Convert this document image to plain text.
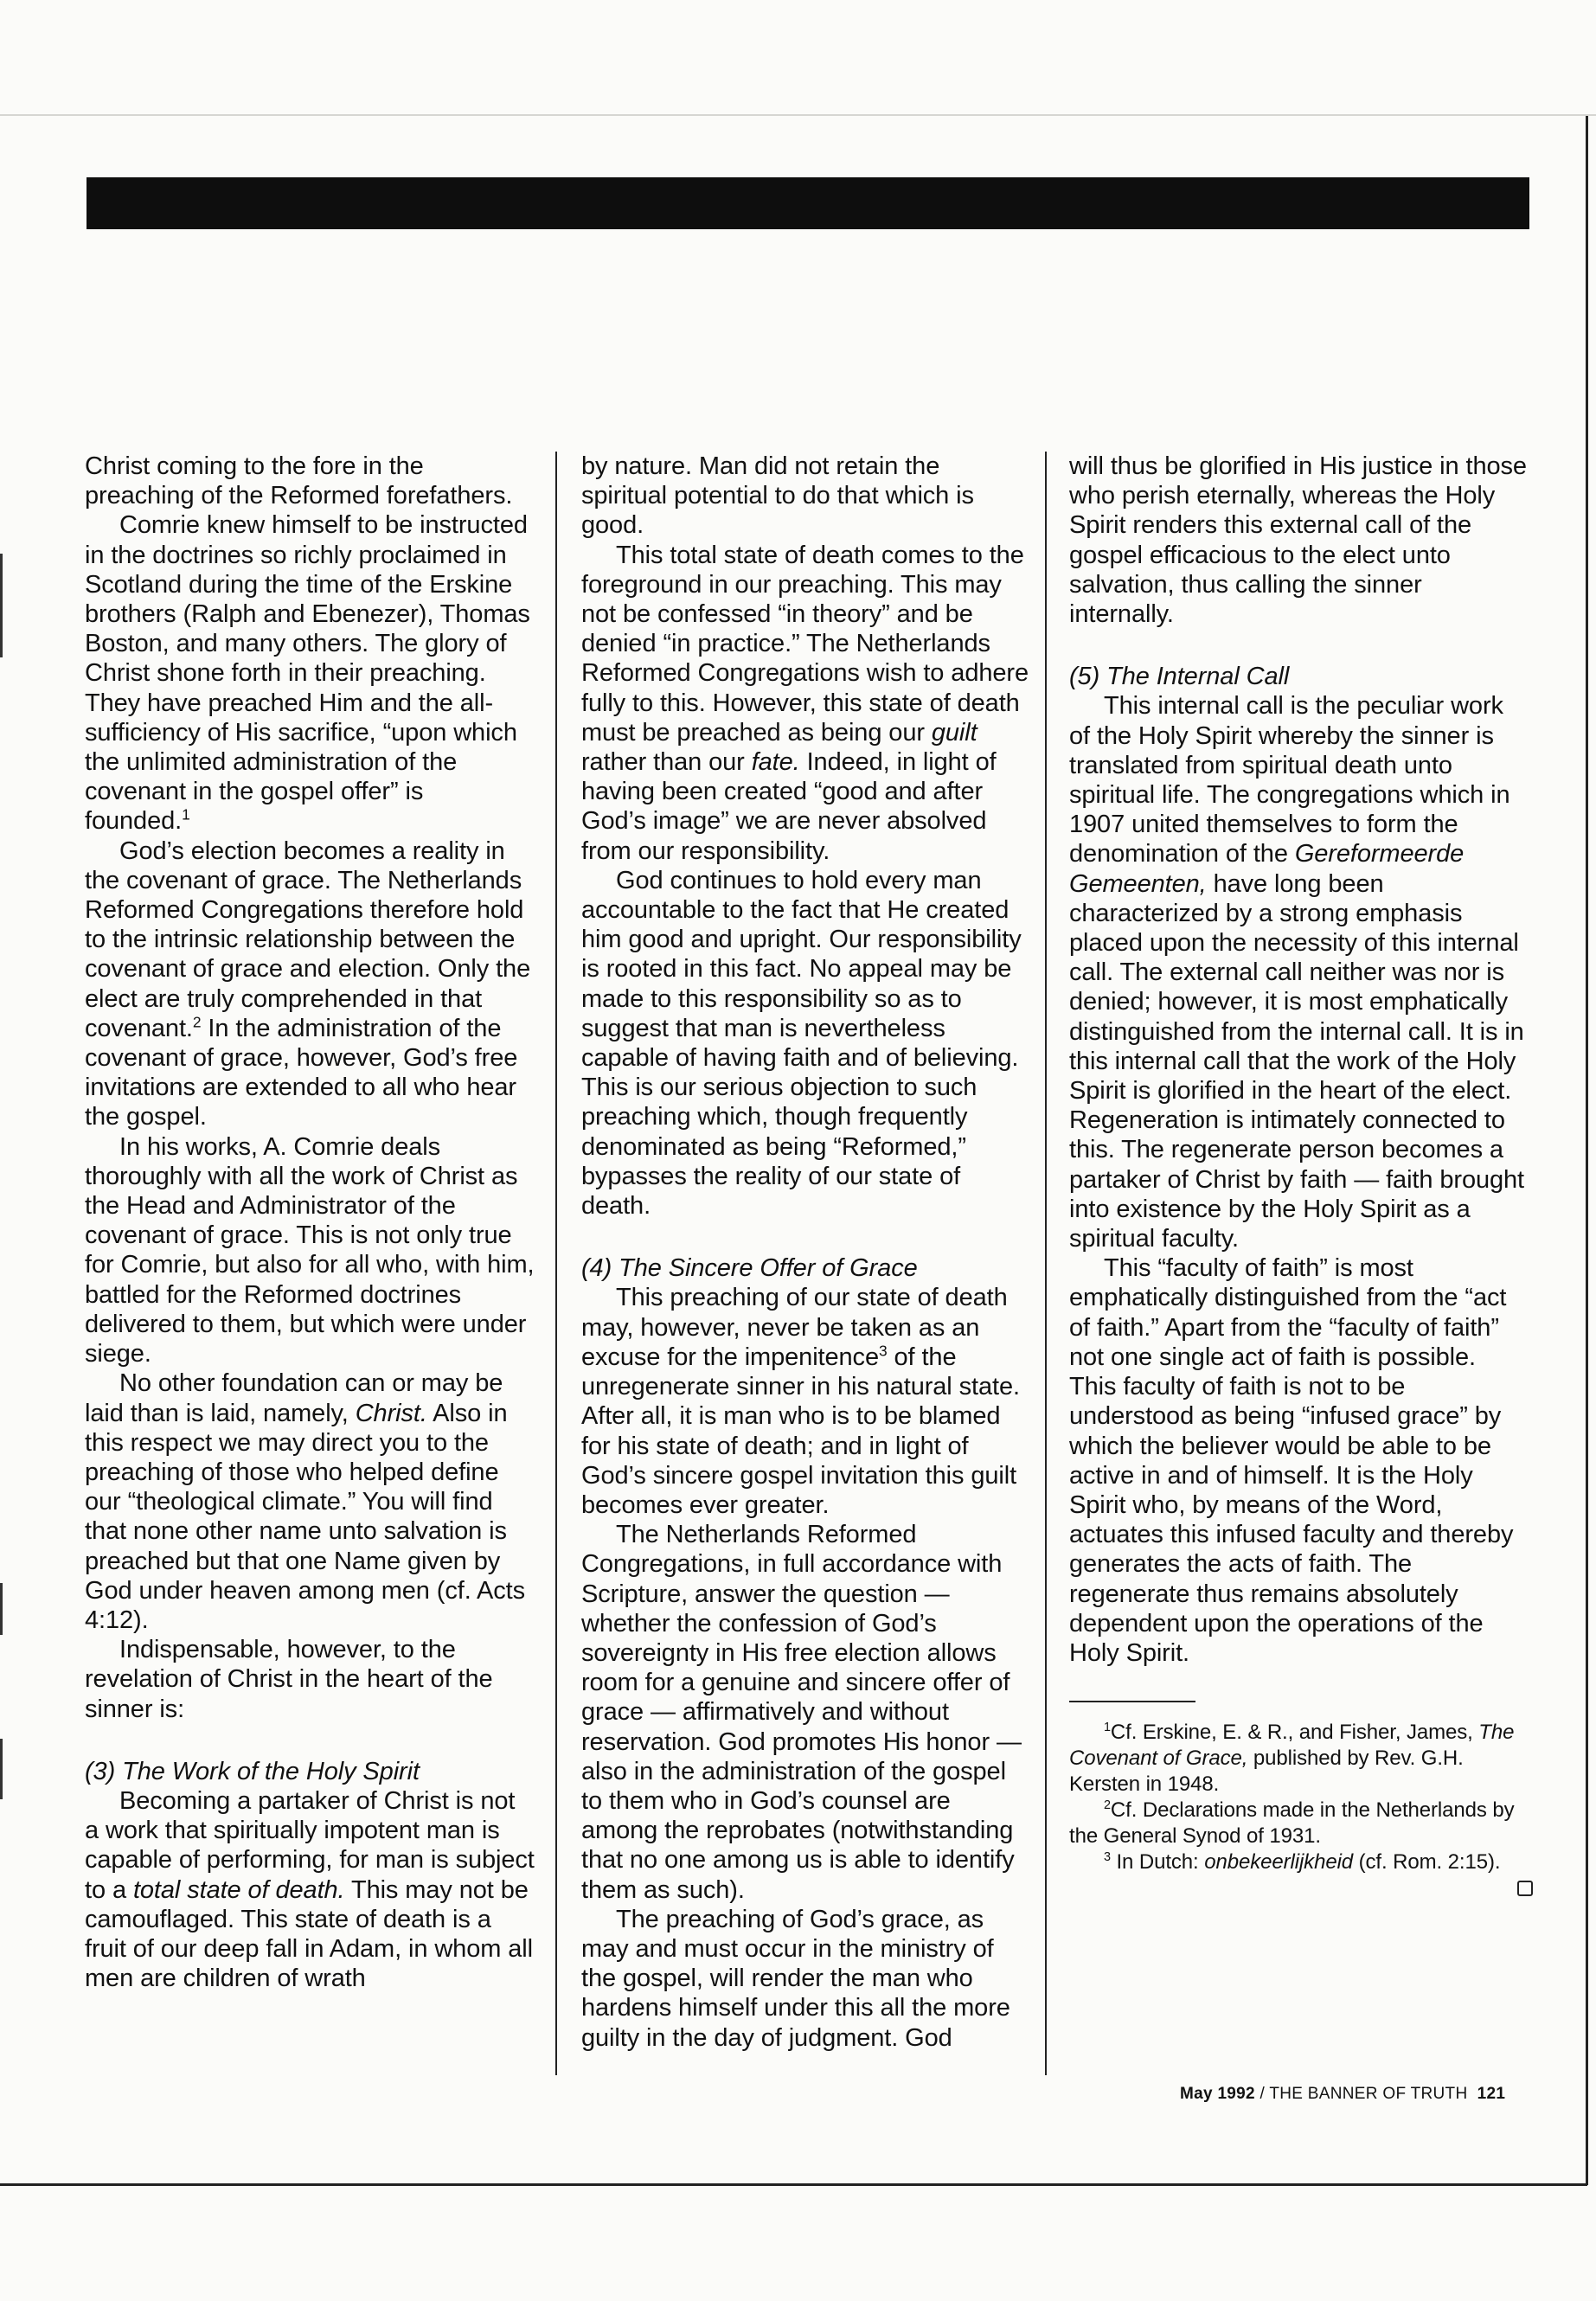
Christ coming to the fore in the preaching of the Reformed forefathers.

Comrie knew himself to be instructed in the doctrines so richly proclaimed in Scotland during the time of the Erskine brothers (Ralph and Ebenezer), Thomas Boston, and many others. The glory of Christ shone forth in their preaching. They have preached Him and the all-sufficiency of His sacrifice, “upon which the unlimited administration of the covenant in the gospel offer” is founded.$^1$

God’s election becomes a reality in the covenant of grace. The Netherlands Reformed Congregations therefore hold to the intrinsic relationship between the covenant of grace and election. Only the elect are truly comprehended in that covenant.$^2$ In the administration of the covenant of grace, however, God’s free invitations are extended to all who hear the gospel.

In his works, A. Comrie deals thoroughly with all the work of Christ as the Head and Administrator of the covenant of grace. This is not only true for Comrie, but also for all who, with him, battled for the Reformed doctrines delivered to them, but which were under siege.

No other foundation can or may be laid than is laid, namely, Christ. Also in this respect we may direct you to the preaching of those who helped define our “theological climate.” You will find that none other name unto salvation is preached but that one Name given by God under heaven among men (cf. Acts 4:12).

Indispensable, however, to the revelation of Christ in the heart of the sinner is:

(3) The Work of the Holy Spirit

Becoming a partaker of Christ is not a work that spiritually impotent man is capable of performing, for man is subject to a total state of death. This may not be camouflaged. This state of death is a fruit of our deep fall in Adam, in whom all men are children of wrath

by nature. Man did not retain the spiritual potential to do that which is good.

This total state of death comes to the foreground in our preaching. This may not be confessed “in theory” and be denied “in practice.” The Netherlands Reformed Congregations wish to adhere fully to this. However, this state of death must be preached as being our guilt rather than our fate. Indeed, in light of having been created “good and after God’s image” we are never absolved from our responsibility.

God continues to hold every man accountable to the fact that He created him good and upright. Our responsibility is rooted in this fact. No appeal may be made to this responsibility so as to suggest that man is nevertheless capable of having faith and of believing. This is our serious objection to such preaching which, though frequently denominated as being “Reformed,” bypasses the reality of our state of death.

(4) The Sincere Offer of Grace

This preaching of our state of death may, however, never be taken as an excuse for the impenitence$^3$ of the unregenerate sinner in his natural state. After all, it is man who is to be blamed for his state of death; and in light of God’s sincere gospel invitation this guilt becomes ever greater.

The Netherlands Reformed Congregations, in full accordance with Scripture, answer the question — whether the confession of God’s sovereignty in His free election allows room for a genuine and sincere offer of grace — affirmatively and without reservation. God promotes His honor — also in the administration of the gospel to them who in God’s counsel are among the reprobates (notwithstanding that no one among us is able to identify them as such).

The preaching of God’s grace, as may and must occur in the ministry of the gospel, will render the man who hardens himself under this all the more guilty in the day of judgment. God

will thus be glorified in His justice in those who perish eternally, whereas the Holy Spirit renders this external call of the gospel efficacious to the elect unto salvation, thus calling the sinner internally.

(5) The Internal Call

This internal call is the peculiar work of the Holy Spirit whereby the sinner is translated from spiritual death unto spiritual life. The congregations which in 1907 united themselves to form the denomination of the Gereformeerde Gemeenten, have long been characterized by a strong emphasis placed upon the necessity of this internal call. The external call neither was nor is denied; however, it is most emphatically distinguished from the internal call. It is in this internal call that the work of the Holy Spirit is glorified in the heart of the elect. Regeneration is intimately connected to this. The regenerate person becomes a partaker of Christ by faith — faith brought into existence by the Holy Spirit as a spiritual faculty.

This “faculty of faith” is most emphatically distinguished from the “act of faith.” Apart from the “faculty of faith” not one single act of faith is possible. This faculty of faith is not to be understood as being “infused grace” by which the believer would be able to be active in and of himself. It is the Holy Spirit who, by means of the Word, actuates this infused faculty and thereby generates the acts of faith. The regenerate thus remains absolutely dependent upon the operations of the Holy Spirit.

$^1$Cf. Erskine, E. & R., and Fisher, James, The Covenant of Grace, published by Rev. G.H. Kersten in 1948.

$^2$Cf. Declarations made in the Netherlands by the General Synod of 1931.

$^3$ In Dutch: onbekeerlijkheid (cf. Rom. 2:15).

May 1992 / THE BANNER OF TRUTH 121
